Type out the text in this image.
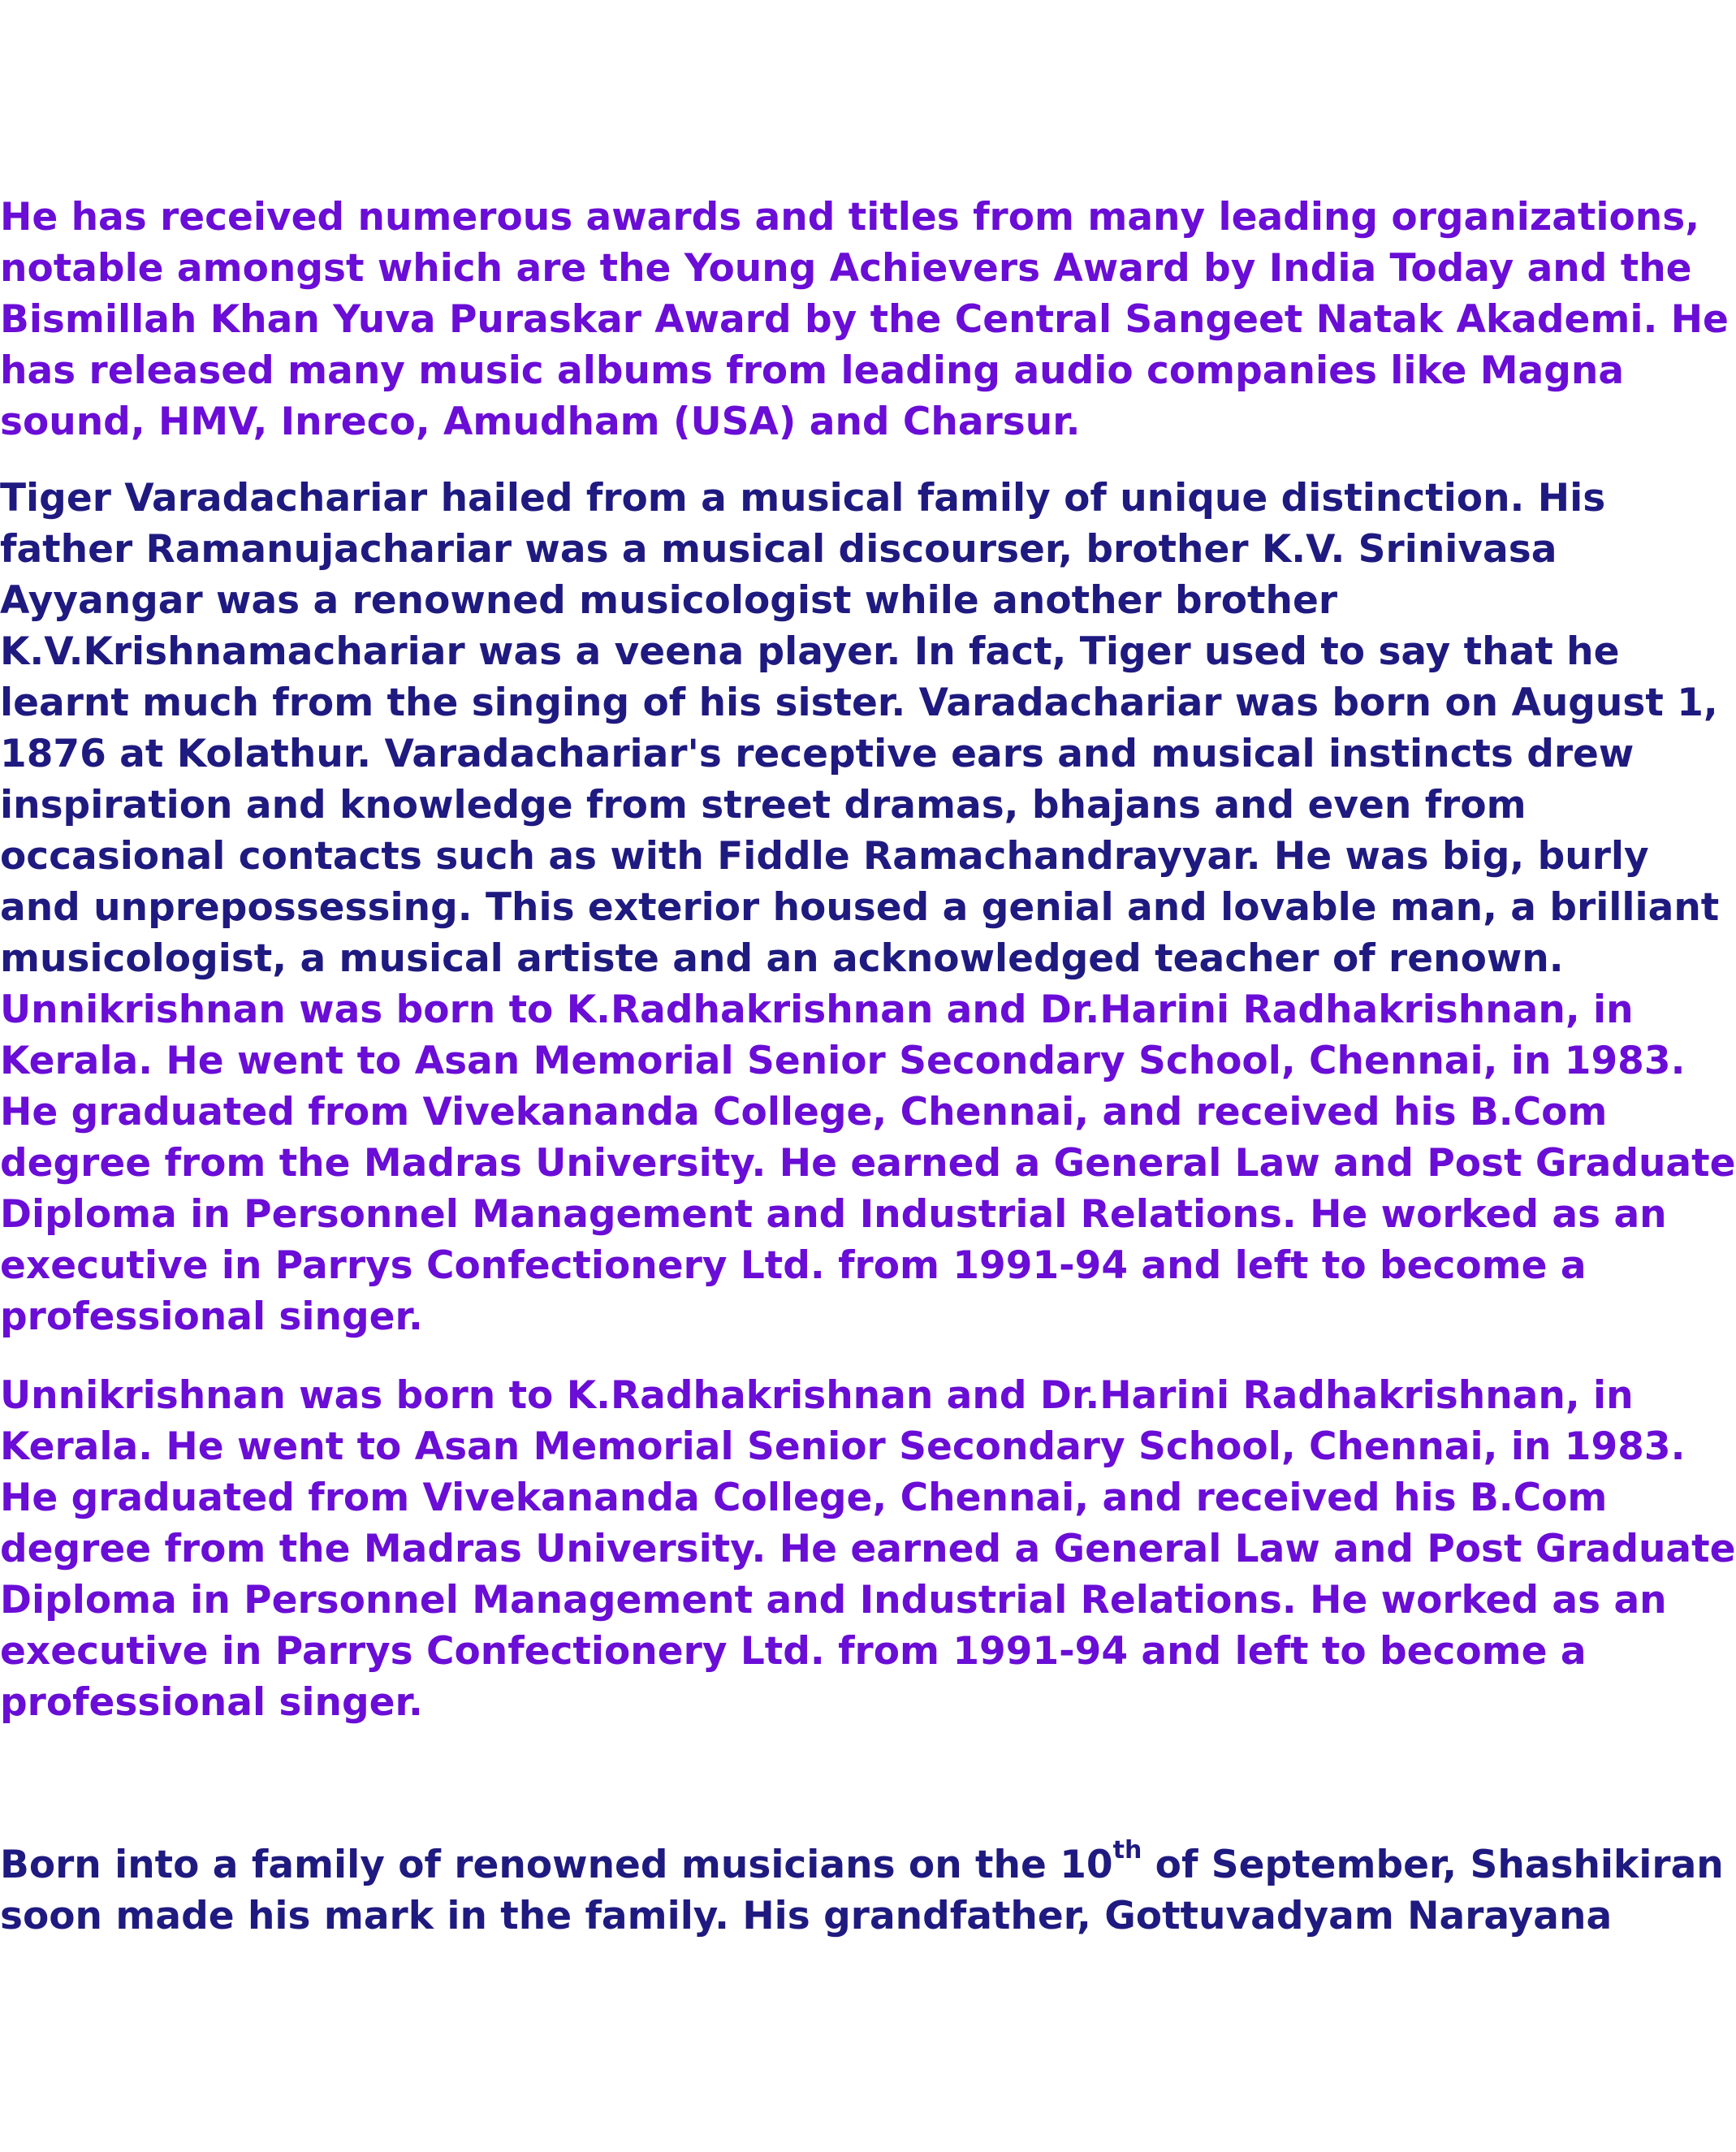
He has received numerous awards and titles from many leading organizations,
notable amongst which are the Young Achievers Award by India Today and the
Bismillah Khan Yuva Puraskar Award by the Central Sangeet Natak Akademi. He
has released many music albums from leading audio companies like Magna
sound, HMV, Inreco, Amudham (USA) and Charsur.

Tiger Varadachariar hailed from a musical family of unique distinction. His
father Ramanujachariar was a musical discourser, brother K.V. Srinivasa
Ayyangar was a renowned musicologist while another brother
K.V.Krishnamachariar was a veena player. In fact, Tiger used to say that he
learnt much from the singing of his sister. Varadachariar was born on August 1,
1876 at Kolathur. Varadachariar's receptive ears and musical instincts drew
inspiration and knowledge from street dramas, bhajans and even from
occasional contacts such as with Fiddle Ramachandrayyar. He was big, burly
and unprepossessing. This exterior housed a genial and lovable man, a brilliant
musicologist, a musical artiste and an acknowledged teacher of renown.

Unnikrishnan was born to K.Radhakrishnan and Dr.Harini Radhakrishnan, in
Kerala. He went to Asan Memorial Senior Secondary School, Chennai, in 1983.
He graduated from Vivekananda College, Chennai, and received his B.Com
degree from the Madras University. He earned a General Law and Post Graduate
Diploma in Personnel Management and Industrial Relations. He worked as an
executive in Parrys Confectionery Ltd. from 1991-94 and left to become a
professional singer.

Unnikrishnan was born to K.Radhakrishnan and Dr.Harini Radhakrishnan, in
Kerala. He went to Asan Memorial Senior Secondary School, Chennai, in 1983.
He graduated from Vivekananda College, Chennai, and received his B.Com
degree from the Madras University. He earned a General Law and Post Graduate
Diploma in Personnel Management and Industrial Relations. He worked as an
executive in Parrys Confectionery Ltd. from 1991-94 and left to become a
professional singer.

Born into a family of renowned musicians on the 10th of September, Shashikiran
soon made his mark in the family. His grandfather, Gottuvadyam Narayana
